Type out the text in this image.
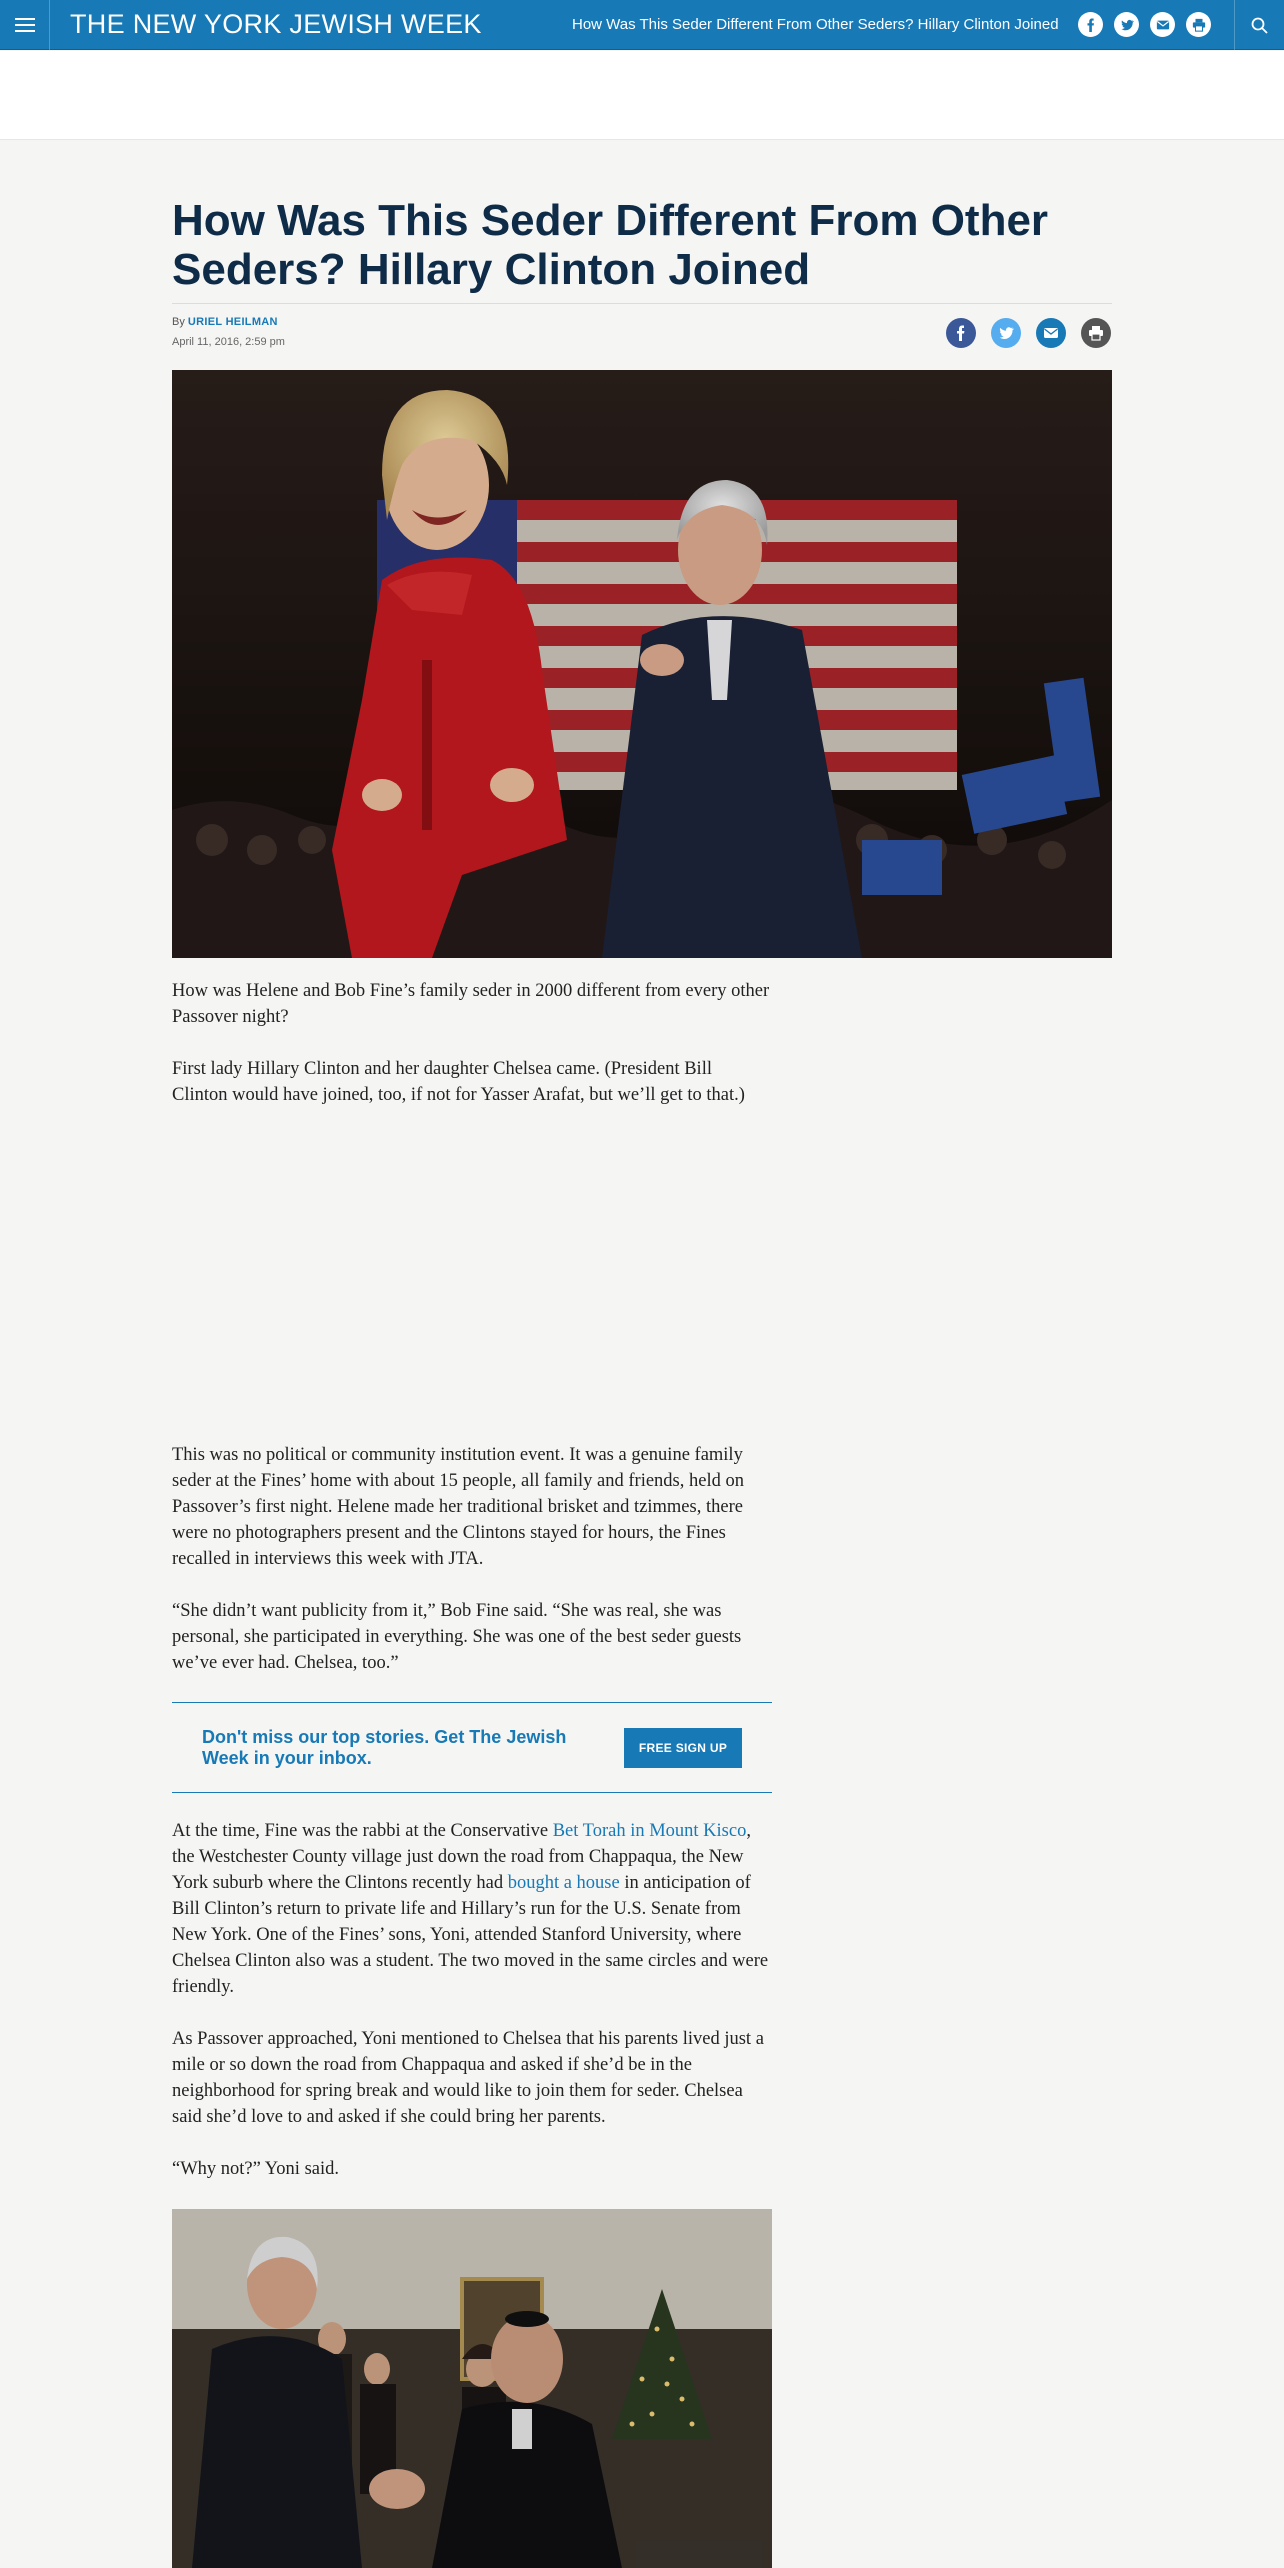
THE NEW YORK JEWISH WEEK	How Was This Seder Different From Other Seders? Hillary Clinton Joined
How Was This Seder Different From Other Seders? Hillary Clinton Joined
By URIEL HEILMAN
April 11, 2016, 2:59 pm

How was Helene and Bob Fine’s family seder in 2000 different from every other Passover night?

First lady Hillary Clinton and her daughter Chelsea came. (President Bill Clinton would have joined, too, if not for Yasser Arafat, but we’ll get to that.)

This was no political or community institution event. It was a genuine family seder at the Fines’ home with about 15 people, all family and friends, held on Passover’s first night. Helene made her traditional brisket and tzimmes, there were no photographers present and the Clintons stayed for hours, the Fines recalled in interviews this week with JTA.

“She didn’t want publicity from it,” Bob Fine said. “She was real, she was personal, she participated in everything. She was one of the best seder guests we’ve ever had. Chelsea, too.”

Don't miss our top stories. Get The Jewish Week in your inbox.	FREE SIGN UP

At the time, Fine was the rabbi at the Conservative Bet Torah in Mount Kisco, the Westchester County village just down the road from Chappaqua, the New York suburb where the Clintons recently had bought a house in anticipation of Bill Clinton’s return to private life and Hillary’s run for the U.S. Senate from New York. One of the Fines’ sons, Yoni, attended Stanford University, where Chelsea Clinton also was a student. The two moved in the same circles and were friendly.

As Passover approached, Yoni mentioned to Chelsea that his parents lived just a mile or so down the road from Chappaqua and asked if she’d be in the neighborhood for spring break and would like to join them for seder. Chelsea said she’d love to and asked if she could bring her parents.

“Why not?” Yoni said.
